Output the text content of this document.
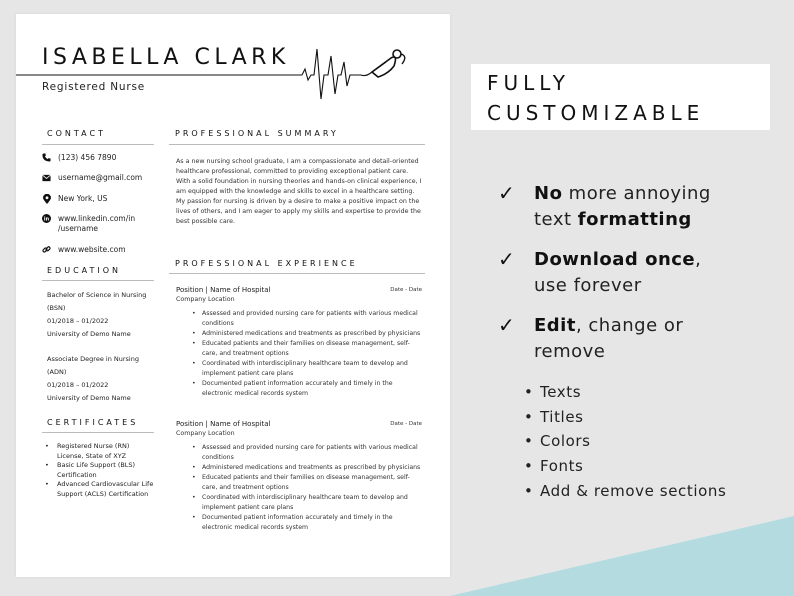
ISABELLA CLARK
Registered Nurse
CONTACT
(123) 456 7890
username@gmail.com
New York, US
in www.linkedin.com/in
/username
www.website.com
EDUCATION
Bachelor of Science in Nursing
(BSN)
01/2018 – 01/2022
University of Demo Name
Associate Degree in Nursing
(ADN)
01/2018 – 01/2022
University of Demo Name
CERTIFICATES
• Registered Nurse (RN) License, State of XYZ
• Basic Life Support (BLS) Certification
• Advanced Cardiovascular Life Support (ACLS) Certification
PROFESSIONAL SUMMARY
As a new nursing school graduate, I am a compassionate and detail-oriented healthcare professional, committed to providing exceptional patient care. With a solid foundation in nursing theories and hands-on clinical experience, I am equipped with the knowledge and skills to excel in a healthcare setting. My passion for nursing is driven by a desire to make a positive impact on the lives of others, and I am eager to apply my skills and expertise to provide the best possible care.
PROFESSIONAL EXPERIENCE
Position | Name of Hospital	Date - Date
Company Location
• Assessed and provided nursing care for patients with various medical conditions
• Administered medications and treatments as prescribed by physicians
• Educated patients and their families on disease management, self-care, and treatment options
• Coordinated with interdisciplinary healthcare team to develop and implement patient care plans
• Documented patient information accurately and timely in the electronic medical records system
Position | Name of Hospital	Date - Date
Company Location
• Assessed and provided nursing care for patients with various medical conditions
• Administered medications and treatments as prescribed by physicians
• Educated patients and their families on disease management, self-care, and treatment options
• Coordinated with interdisciplinary healthcare team to develop and implement patient care plans
• Documented patient information accurately and timely in the electronic medical records system
FULLY
CUSTOMIZABLE
✓ No more annoying text formatting
✓ Download once, use forever
✓ Edit, change or remove
• Texts
• Titles
• Colors
• Fonts
• Add & remove sections
